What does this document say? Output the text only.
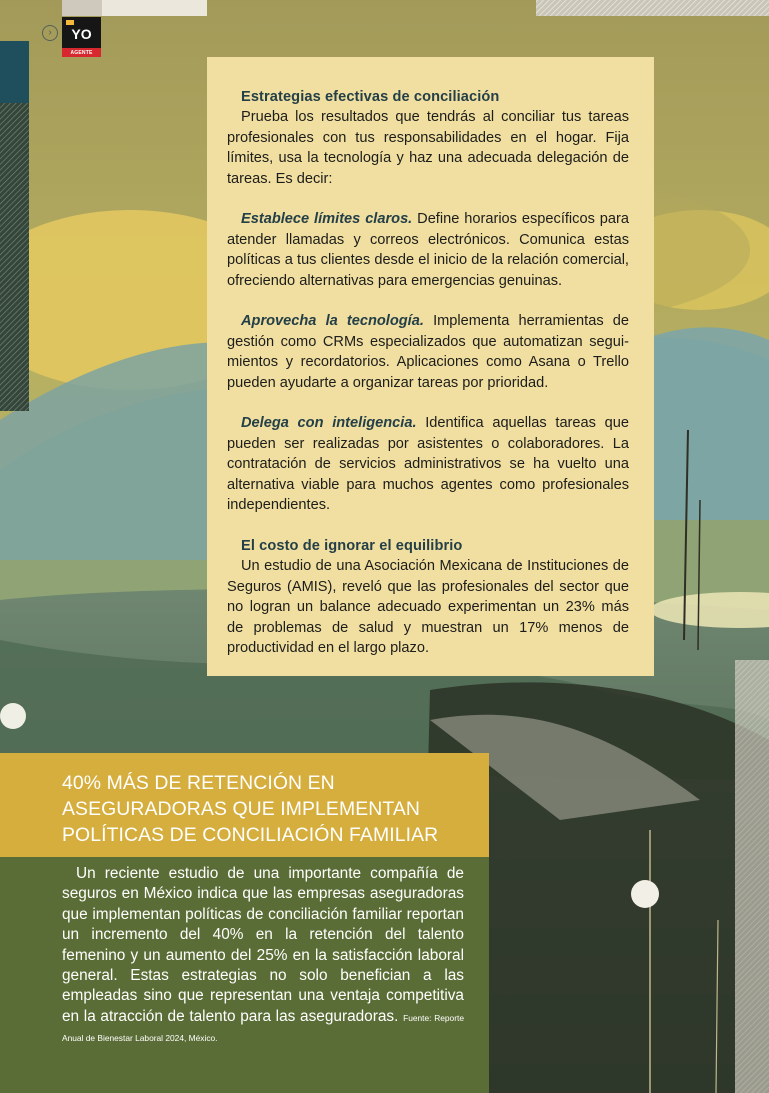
›	YO
AGENTE

Estrategias efectivas de conciliación

Prueba los resultados que tendrás al conciliar tus tareas profesionales con tus responsabilidades en el hogar. Fija límites, usa la tecnología y haz una adecuada delegación de tareas. Es decir:

Establece límites claros. Define horarios específicos para atender llamadas y correos electrónicos. Comunica estas políticas a tus clientes desde el inicio de la relación comercial, ofreciendo alternativas para emergencias genuinas.

Aprovecha la tecnología. Implementa herramientas de gestión como CRMs especializados que automatizan seguimientos y recordatorios. Aplicaciones como Asana o Trello pueden ayudarte a organizar tareas por prioridad.

Delega con inteligencia. Identifica aquellas tareas que pueden ser realizadas por asistentes o colaboradores. La contratación de servicios administrativos se ha vuelto una alternativa viable para muchos agentes como profesionales independientes.

El costo de ignorar el equilibrio

Un estudio de una Asociación Mexicana de Instituciones de Seguros (AMIS), reveló que las profesionales del sector que no logran un balance adecuado experimentan un 23% más de problemas de salud y muestran un 17% menos de productividad en el largo plazo.

40% MÁS DE RETENCIÓN EN ASEGURADORAS QUE IMPLEMENTAN POLÍTICAS DE CONCILIACIÓN FAMILIAR

Un reciente estudio de una importante compañía de seguros en México indica que las empresas aseguradoras que implementan políticas de conciliación familiar reportan un incremento del 40% en la retención del talento femenino y un aumento del 25% en la satisfacción laboral general. Estas estrategias no solo benefician a las empleadas sino que representan una ventaja competitiva en la atracción de talento para las aseguradoras. Fuente: Reporte Anual de Bienestar Laboral 2024, México.
